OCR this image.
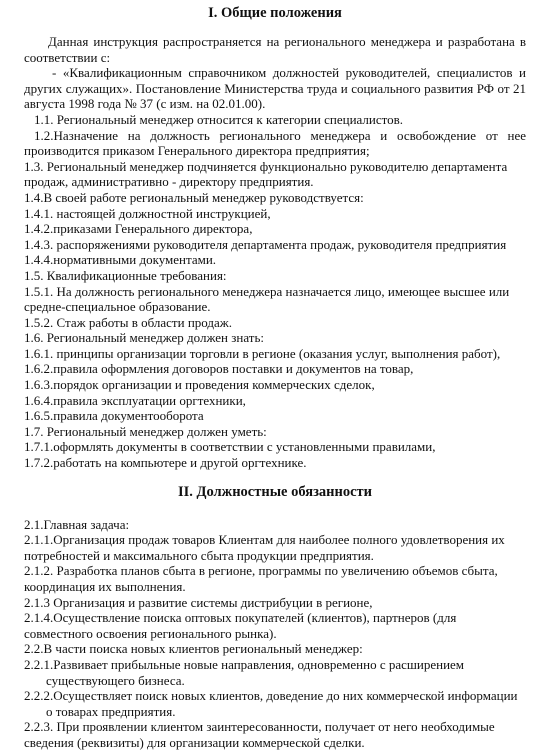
I. Общие положения

Данная инструкция распространяется на регионального менеджера и разработана в соответствии с:

- «Квалификационным справочником должностей руководителей, специалистов и других служащих». Постановление Министерства труда и социального развития РФ от 21 августа 1998 года № 37 (с изм. на 02.01.00).

1.1. Региональный менеджер относится к категории специалистов.

1.2.Назначение на должность регионального менеджера и освобождение от нее производится приказом Генерального директора предприятия;

1.3. Региональный менеджер подчиняется функционально руководителю департамента продаж, административно - директору предприятия.

1.4.В своей работе региональный менеджер руководствуется:

1.4.1. настоящей должностной инструкцией,

1.4.2.приказами Генерального директора,

1.4.3. распоряжениями руководителя департамента продаж, руководителя предприятия

1.4.4.нормативными документами.

1.5. Квалификационные требования:

1.5.1. На должность регионального менеджера назначается лицо, имеющее высшее или средне-специальное образование.

1.5.2. Стаж работы в области продаж.

1.6. Региональный менеджер должен знать:

1.6.1. принципы организации торговли в регионе (оказания услуг, выполнения работ),

1.6.2.правила оформления договоров поставки и документов на товар,

1.6.3.порядок организации и проведения коммерческих сделок,

1.6.4.правила эксплуатации оргтехники,

1.6.5.правила документооборота

1.7. Региональный менеджер должен уметь:

1.7.1.оформлять документы в соответствии с установленными правилами,

1.7.2.работать на компьютере и другой оргтехнике.

II. Должностные обязанности

2.1.Главная задача:

2.1.1.Организация продаж товаров Клиентам для наиболее полного удовлетворения их потребностей и максимального сбыта продукции предприятия.

2.1.2. Разработка планов сбыта в регионе, программы по увеличению объемов сбыта, координация их выполнения.

2.1.3 Организация и развитие системы дистрибуции в регионе,

2.1.4.Осуществление поиска оптовых покупателей (клиентов), партнеров (для совместного освоения регионального рынка).

2.2.В части поиска новых клиентов региональный менеджер:

2.2.1.Развивает прибыльные новые направления, одновременно с расширением существующего бизнеса.

2.2.2.Осуществляет поиск новых клиентов, доведение до них коммерческой информации о товарах предприятия.

2.2.3. При проявлении клиентом заинтересованности, получает от него необходимые сведения (реквизиты) для организации коммерческой сделки.
